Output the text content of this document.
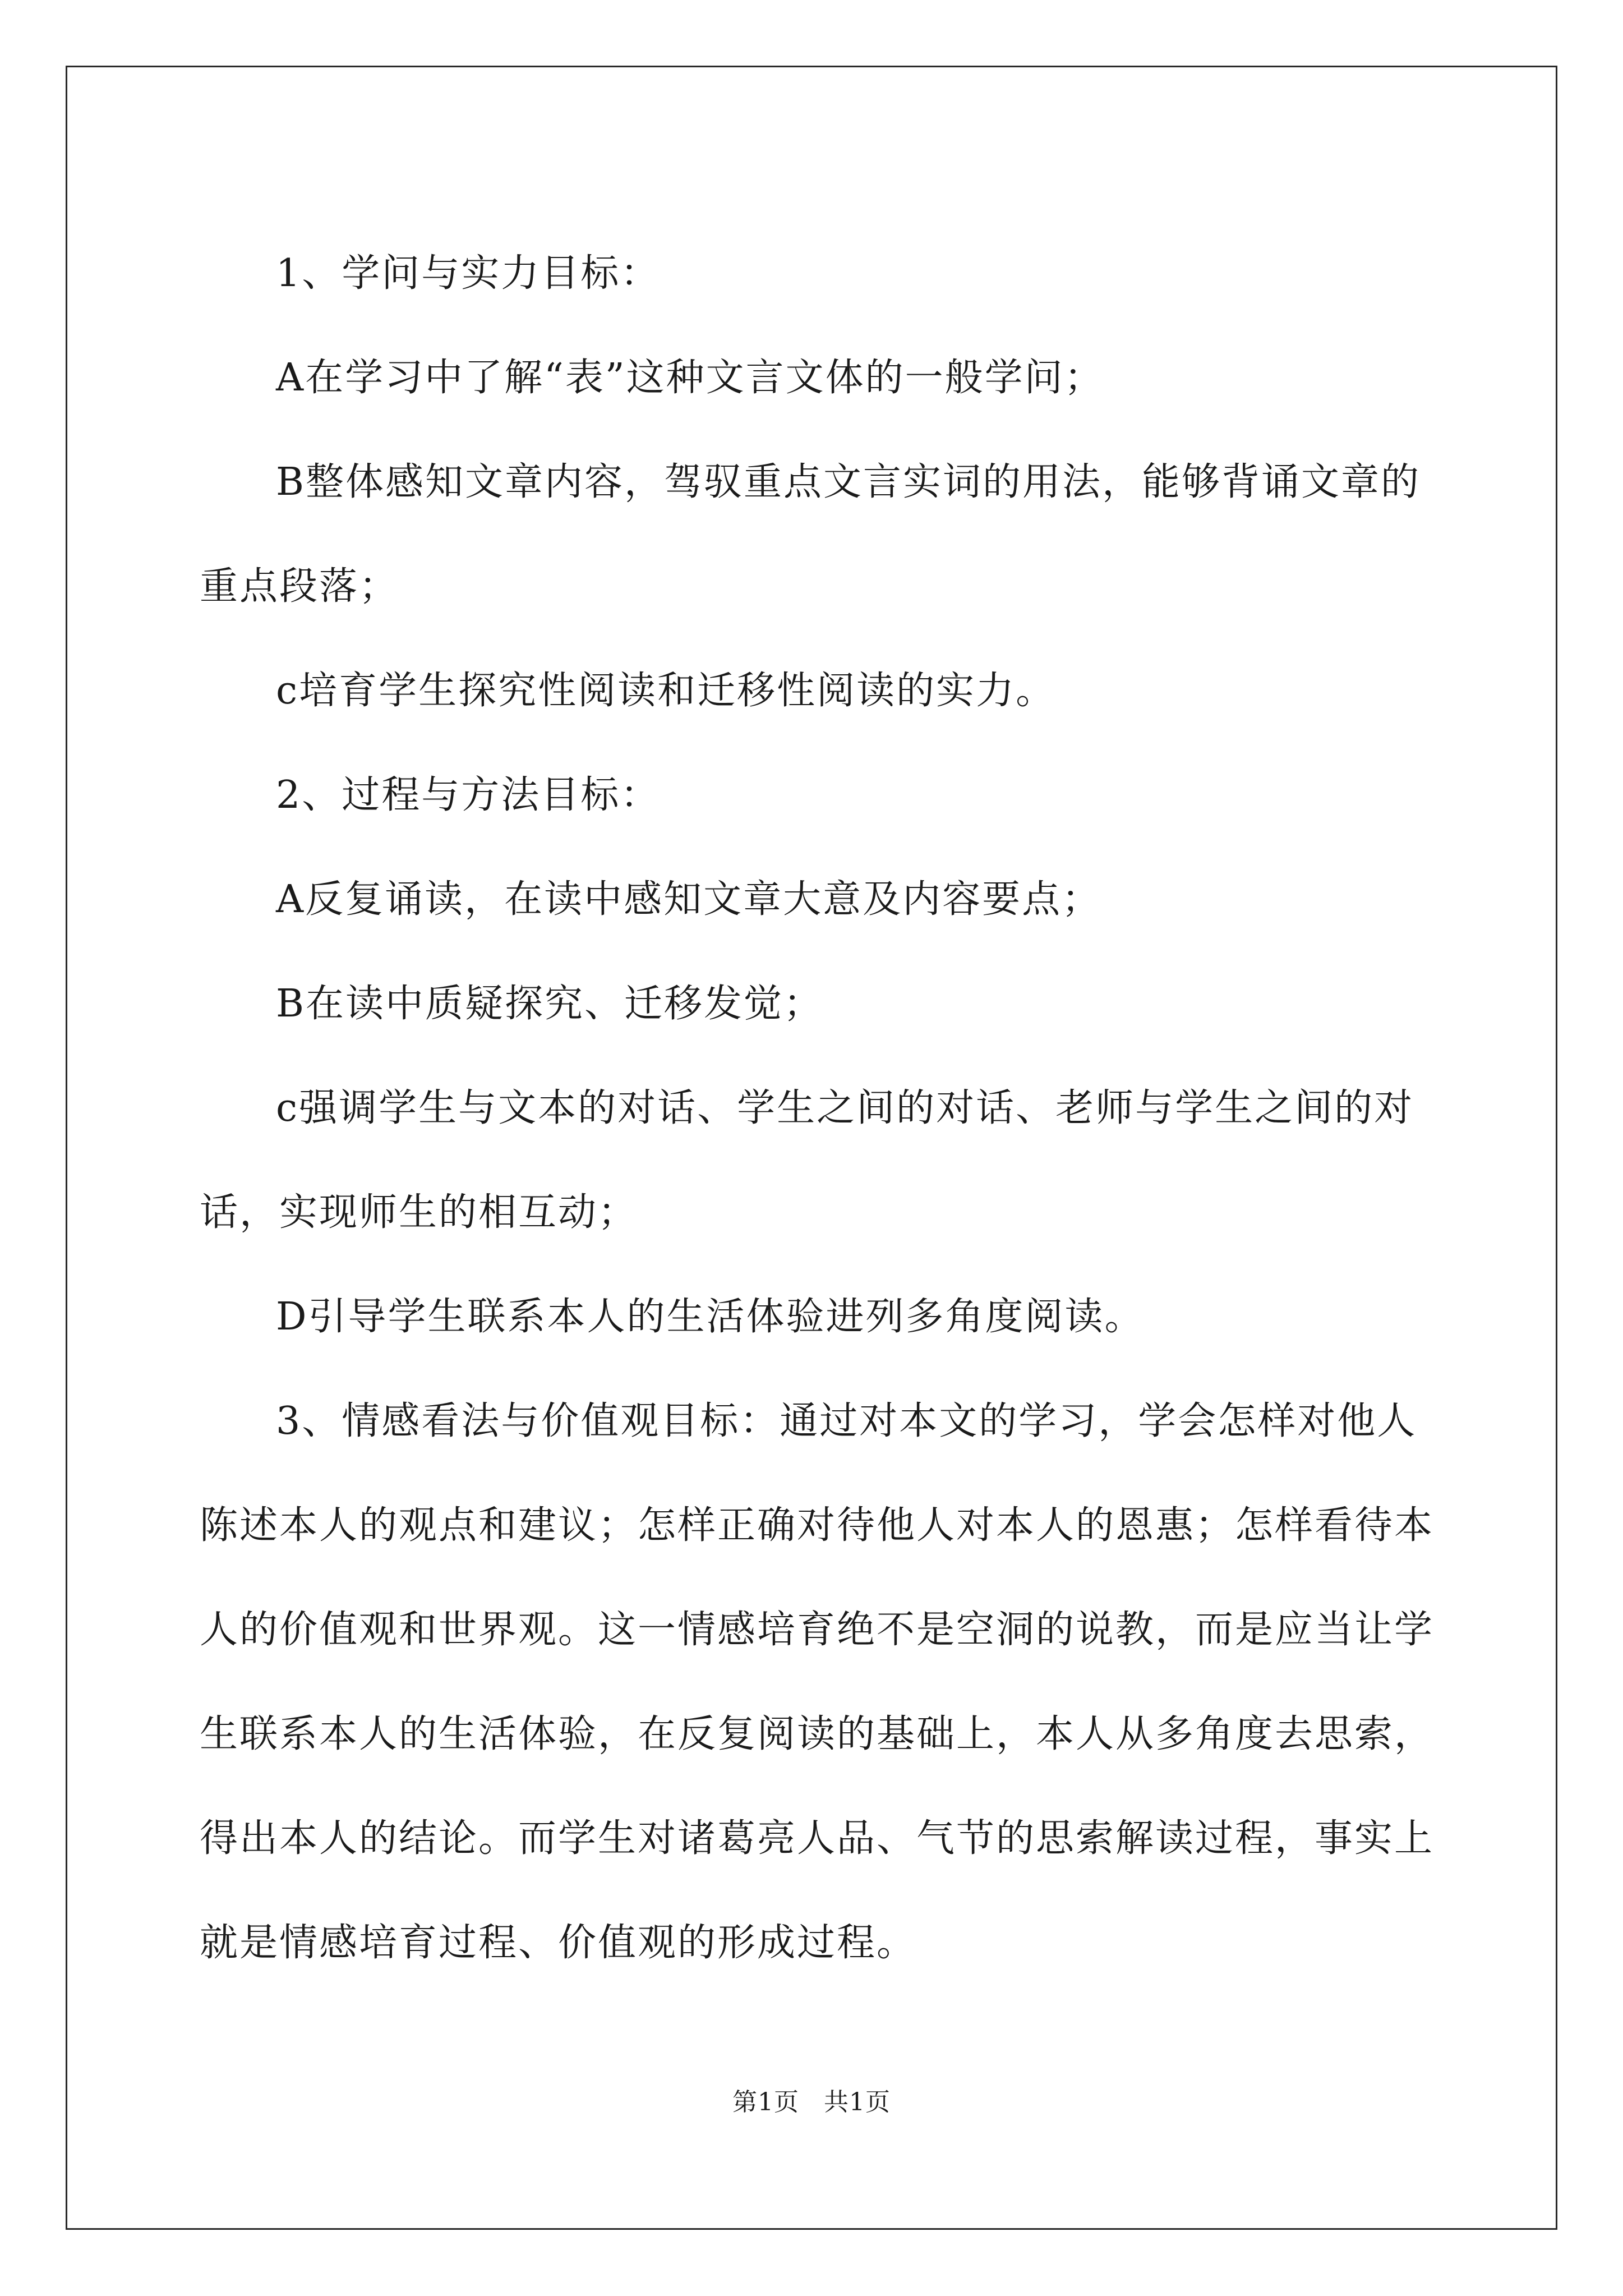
1、学问与实力目标：

A在学习中了解“表”这种文言文体的一般学问；

B整体感知文章内容，驾驭重点文言实词的用法，能够背诵文章的重点段落；

c培育学生探究性阅读和迁移性阅读的实力。

2、过程与方法目标：

A反复诵读，在读中感知文章大意及内容要点；

B在读中质疑探究、迁移发觉；

c强调学生与文本的对话、学生之间的对话、老师与学生之间的对话，实现师生的相互动；

D引导学生联系本人的生活体验进列多角度阅读。

3、情感看法与价值观目标：通过对本文的学习，学会怎样对他人陈述本人的观点和建议；怎样正确对待他人对本人的恩惠；怎样看待本人的价值观和世界观。这一情感培育绝不是空洞的说教，而是应当让学生联系本人的生活体验，在反复阅读的基础上，本人从多角度去思索，得出本人的结论。而学生对诸葛亮人品、气节的思索解读过程，事实上就是情感培育过程、价值观的形成过程。

第1页 共1页
